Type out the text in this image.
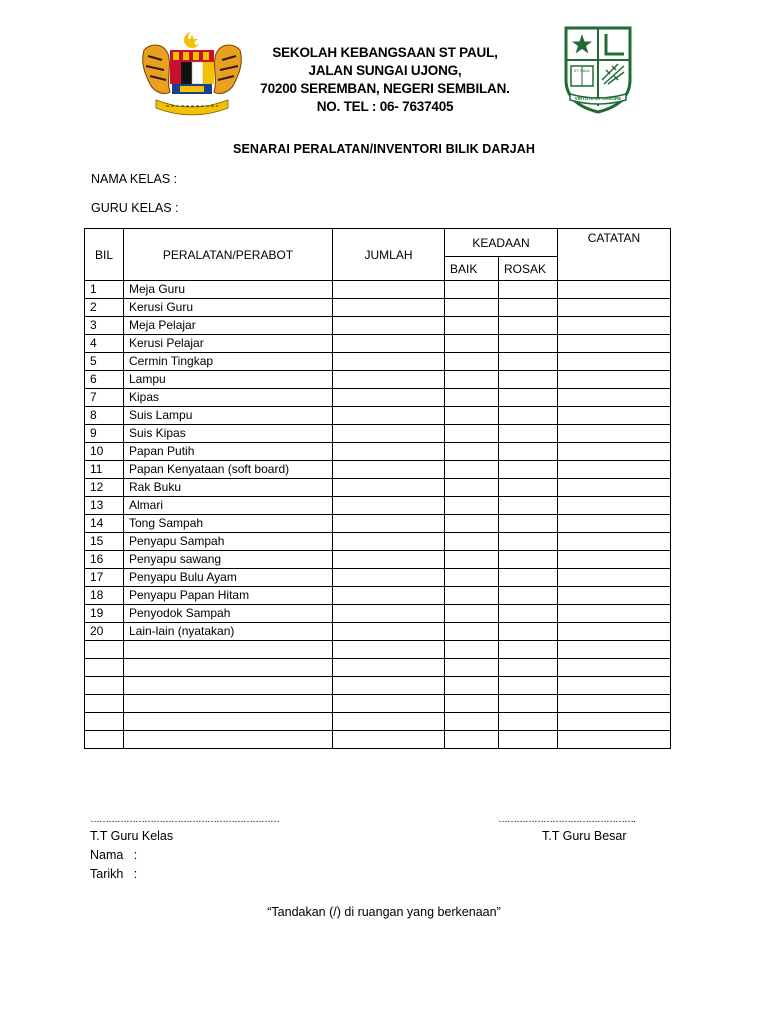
SEKOLAH KEBANGSAAN ST PAUL,
JALAN SUNGAI UJONG,
70200 SEREMBAN, NEGERI SEMBILAN.
NO. TEL : 06- 7637405
ST. PAUL
VIRTUTE ET LABORE
SENARAI PERALATAN/INVENTORI BILIK DARJAH
NAMA KELAS :
GURU KELAS :
BIL	PERALATAN/PERABOT	JUMLAH	KEADAAN		CATATAN
			BAIK	ROSAK	
1	Meja Guru				
2	Kerusi Guru				
3	Meja Pelajar				
4	Kerusi Pelajar				
5	Cermin Tingkap				
6	Lampu				
7	Kipas				
8	Suis Lampu				
9	Suis Kipas				
10	Papan Putih				
11	Papan Kenyataan (soft board)				
12	Rak Buku				
13	Almari				
14	Tong Sampah				
15	Penyapu Sampah				
16	Penyapu sawang				
17	Penyapu Bulu Ayam				
18	Penyapu Papan Hitam				
19	Penyodok Sampah				
20	Lain-lain (nyatakan)				

………………………………………………………	……………………………………….
T.T Guru Kelas	T.T Guru Besar
Nama   :
Tarikh   :
“Tandakan (/) di ruangan yang berkenaan”
